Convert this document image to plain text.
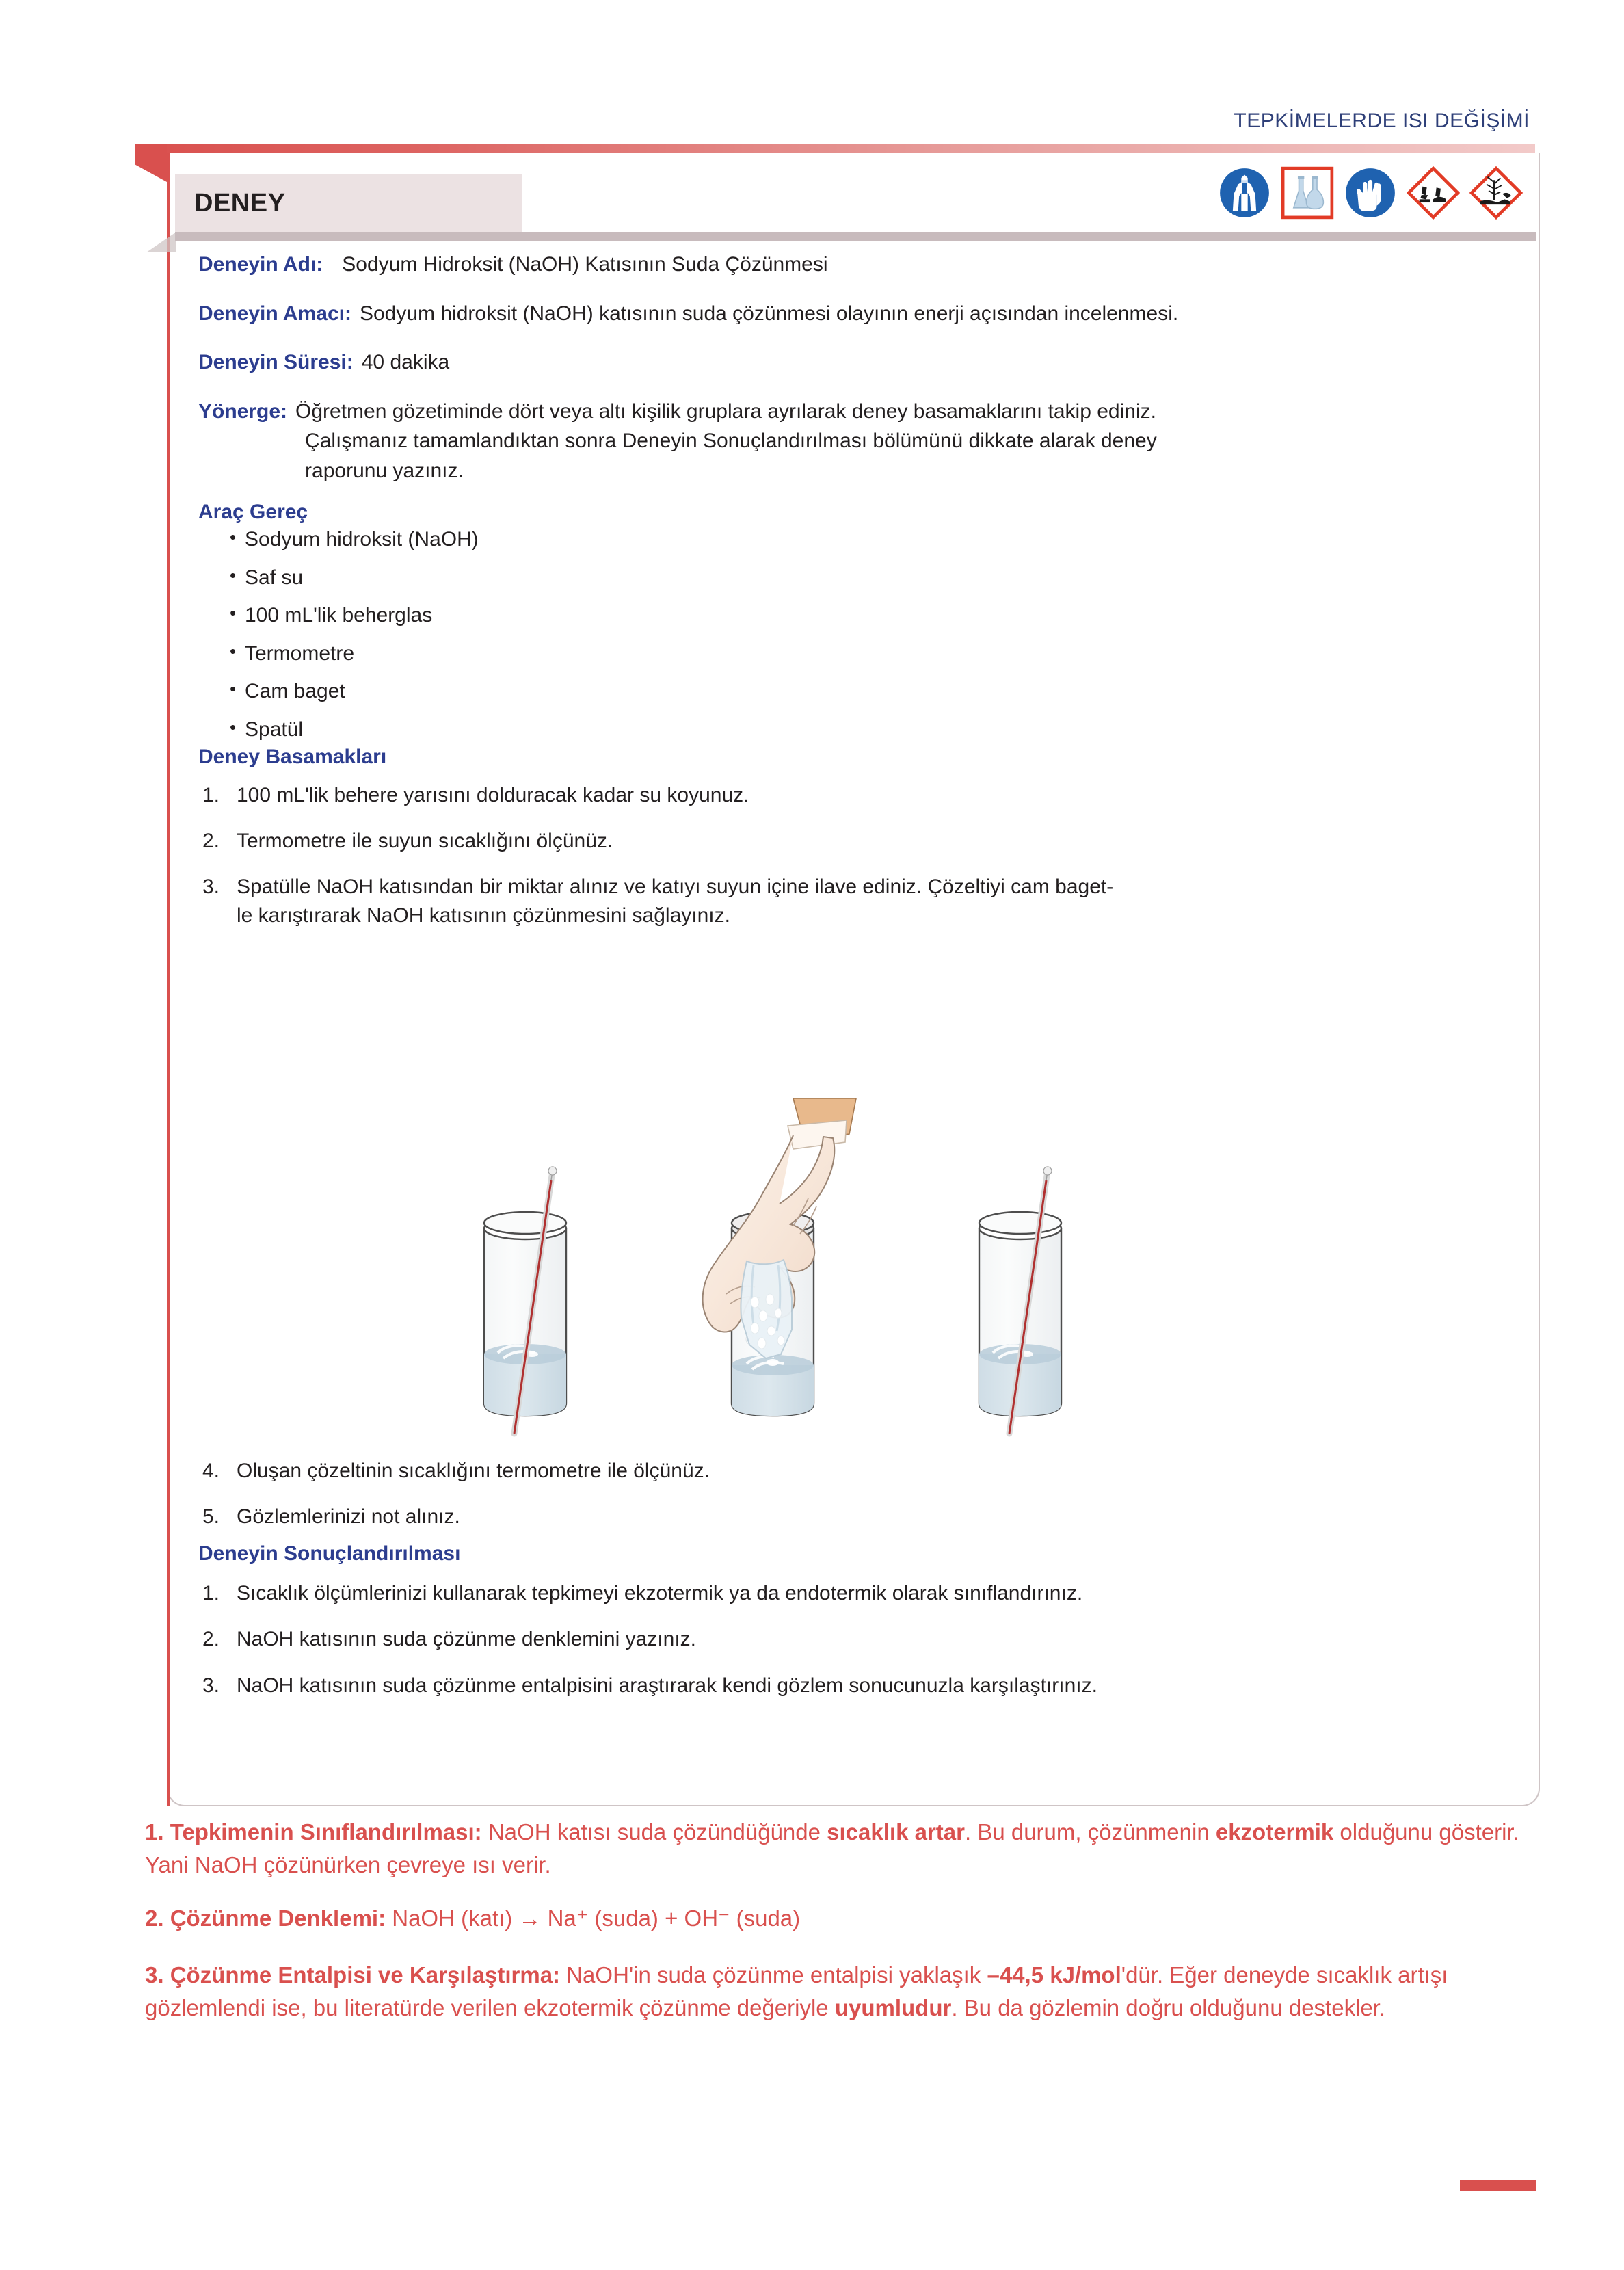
TEPKİMELERDE ISI DEĞİŞİMİ
DENEY
Deneyin Adı: Sodyum Hidroksit (NaOH) Katısının Suda Çözünmesi
Deneyin Amacı: Sodyum hidroksit (NaOH) katısının suda çözünmesi olayının enerji açısından incelenmesi.
Deneyin Süresi: 40 dakika
Yönerge: Öğretmen gözetiminde dört veya altı kişilik gruplara ayrılarak deney basamaklarını takip ediniz.
Çalışmanız tamamlandıktan sonra Deneyin Sonuçlandırılması bölümünü dikkate alarak deney
raporunu yazınız.
Araç Gereç
• Sodyum hidroksit (NaOH)
• Saf su
• 100 mL'lik beherglas
• Termometre
• Cam baget
• Spatül
Deney Basamakları
1. 100 mL'lik behere yarısını dolduracak kadar su koyunuz.
2. Termometre ile suyun sıcaklığını ölçünüz.
3. Spatülle NaOH katısından bir miktar alınız ve katıyı suyun içine ilave ediniz. Çözeltiyi cam baget-
le karıştırarak NaOH katısının çözünmesini sağlayınız.
4. Oluşan çözeltinin sıcaklığını termometre ile ölçünüz.
5. Gözlemlerinizi not alınız.
Deneyin Sonuçlandırılması
1. Sıcaklık ölçümlerinizi kullanarak tepkimeyi ekzotermik ya da endotermik olarak sınıflandırınız.
2. NaOH katısının suda çözünme denklemini yazınız.
3. NaOH katısının suda çözünme entalpisini araştırarak kendi gözlem sonucunuzla karşılaştırınız.

1. Tepkimenin Sınıflandırılması: NaOH katısı suda çözündüğünde sıcaklık artar. Bu durum, çözünmenin ekzotermik olduğunu gösterir. Yani NaOH çözünürken çevreye ısı verir.

2. Çözünme Denklemi: NaOH (katı) → Na⁺ (suda) + OH⁻ (suda)

3. Çözünme Entalpisi ve Karşılaştırma: NaOH'in suda çözünme entalpisi yaklaşık –44,5 kJ/mol'dür. Eğer deneyde sıcaklık artışı gözlemlendi ise, bu literatürde verilen ekzotermik çözünme değeriyle uyumludur. Bu da gözlemin doğru olduğunu destekler.
